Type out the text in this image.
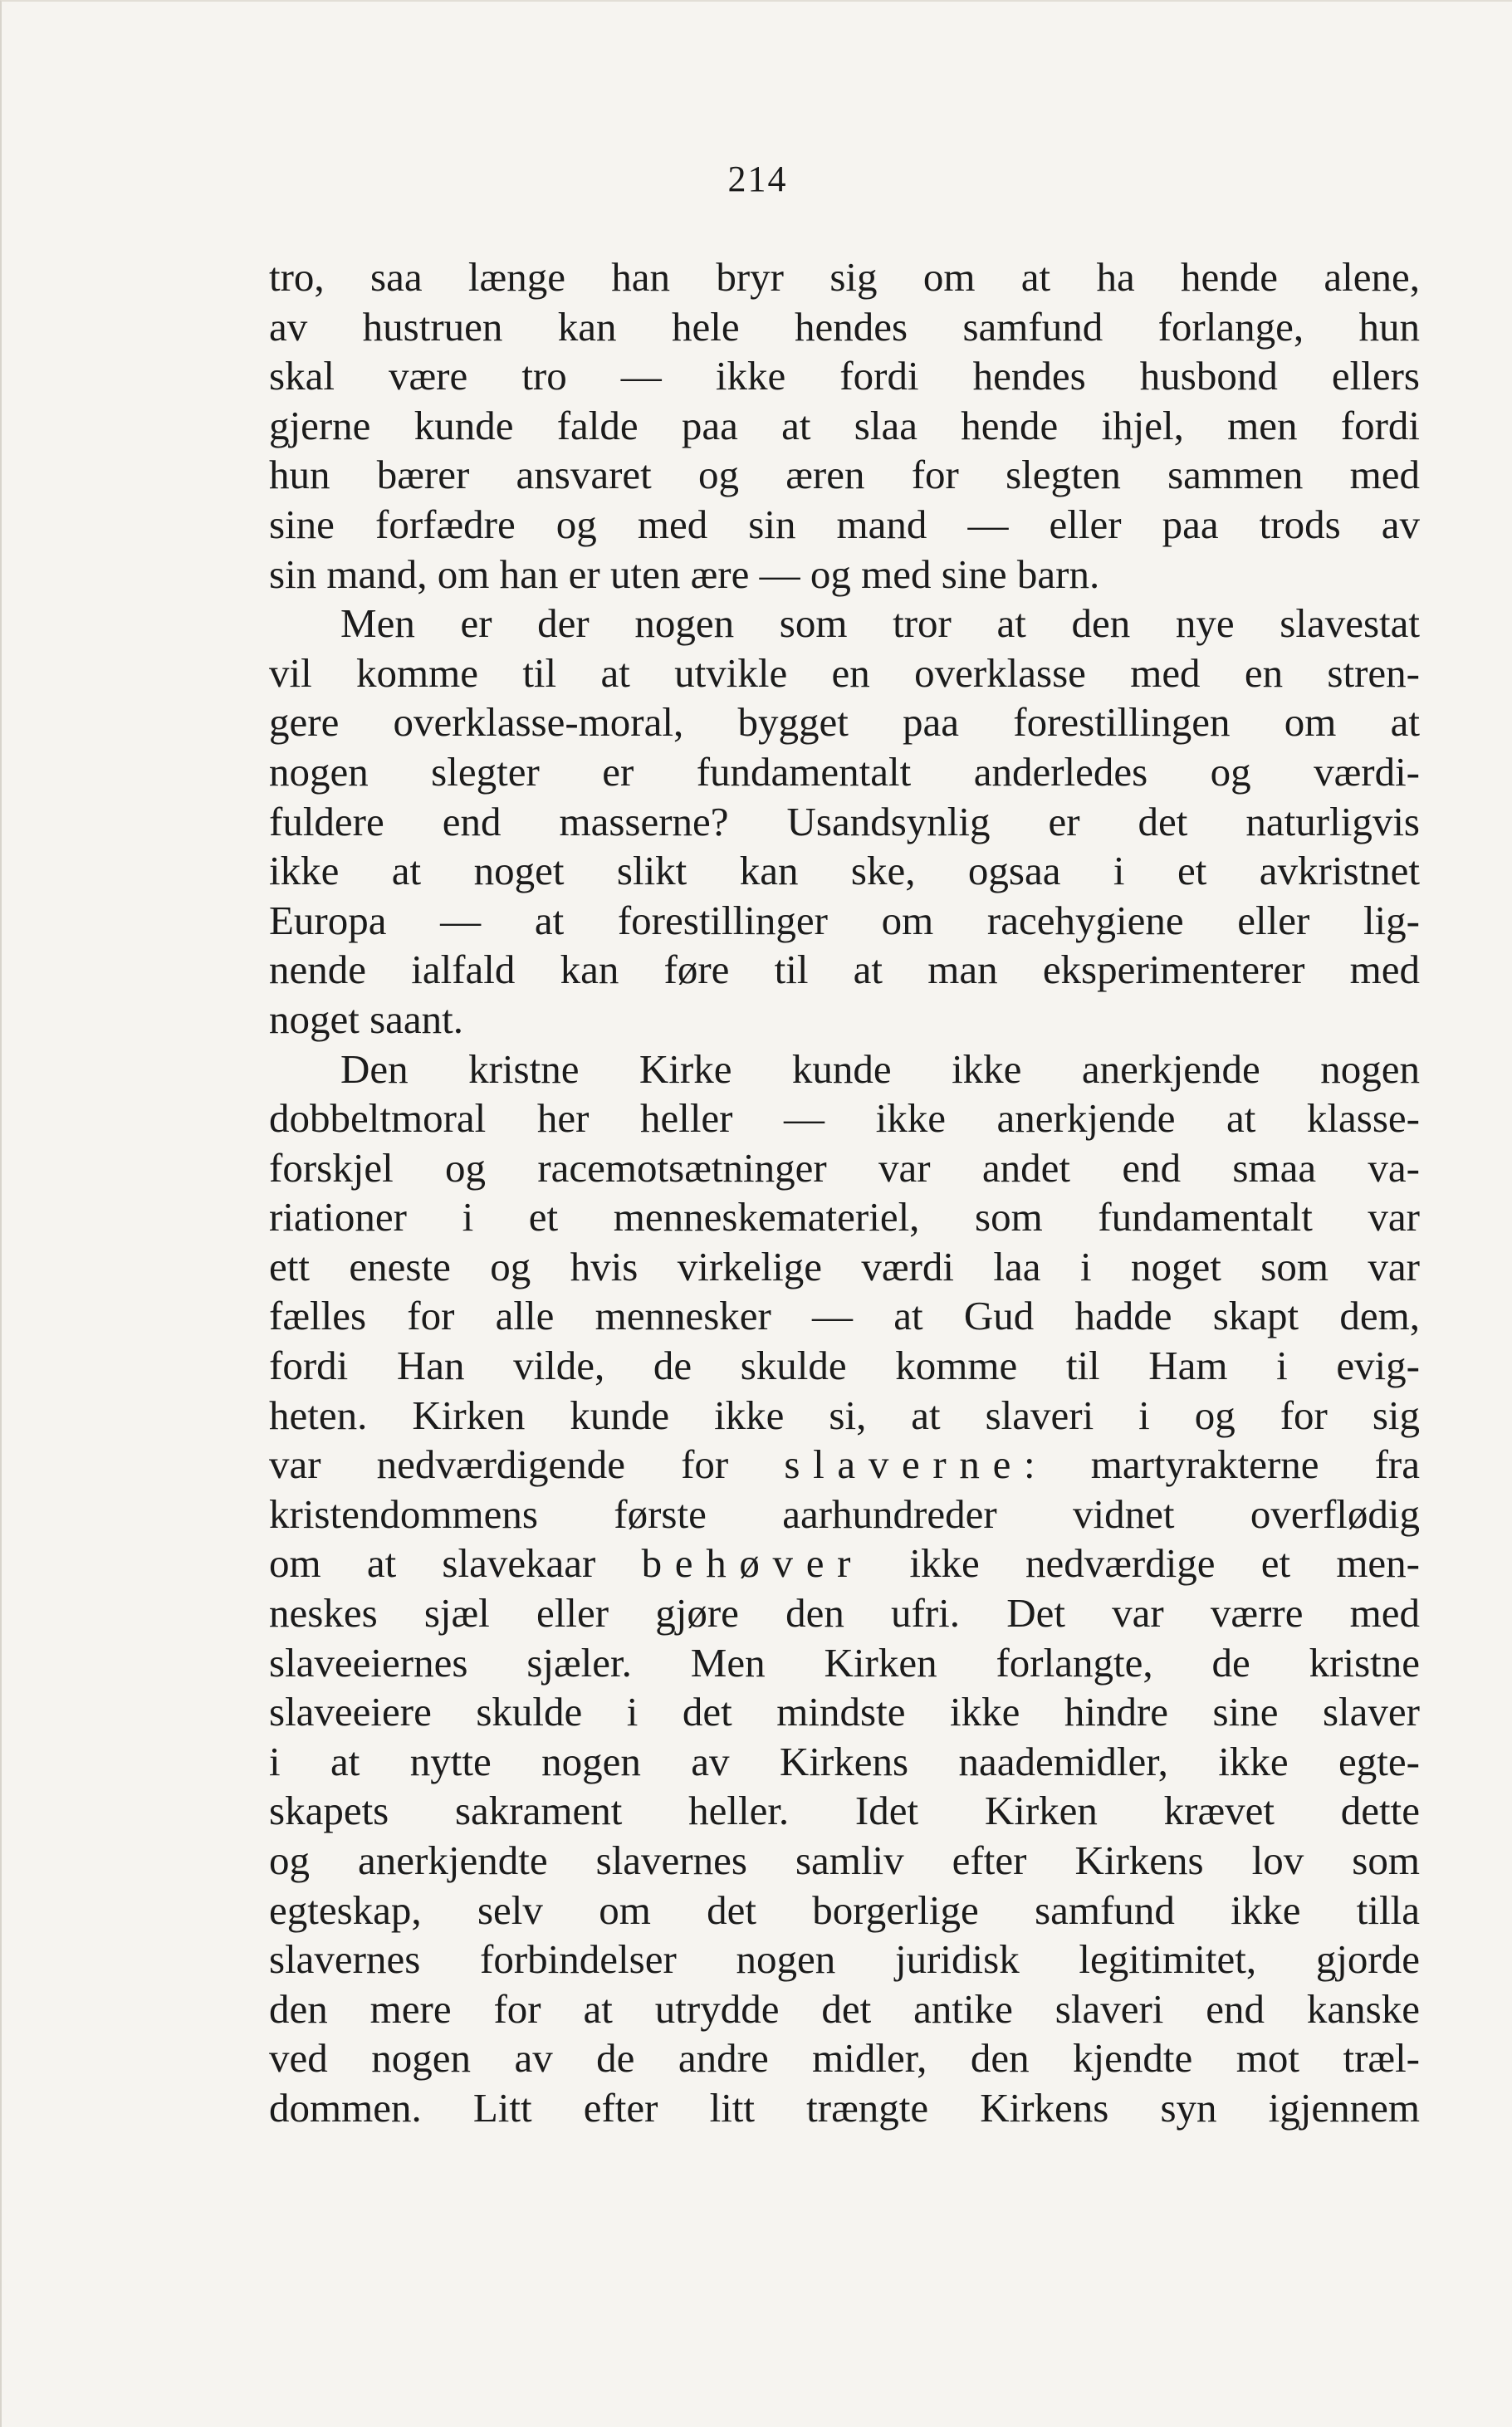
214
tro, saa længe han bryr sig om at ha hende alene,
av hustruen kan hele hendes samfund forlange, hun
skal være tro — ikke fordi hendes husbond ellers
gjerne kunde falde paa at slaa hende ihjel, men fordi
hun bærer ansvaret og æren for slegten sammen med
sine forfædre og med sin mand — eller paa trods av
sin mand, om han er uten ære — og med sine barn.
Men er der nogen som tror at den nye slavestat
vil komme til at utvikle en overklasse med en stren-
gere overklasse-moral, bygget paa forestillingen om at
nogen slegter er fundamentalt anderledes og værdi-
fuldere end masserne? Usandsynlig er det naturligvis
ikke at noget slikt kan ske, ogsaa i et avkristnet
Europa — at forestillinger om racehygiene eller lig-
nende ialfald kan føre til at man eksperimenterer med
noget saant.
Den kristne Kirke kunde ikke anerkjende nogen
dobbeltmoral her heller — ikke anerkjende at klasse-
forskjel og racemotsætninger var andet end smaa va-
riationer i et menneskemateriel, som fundamentalt var
ett eneste og hvis virkelige værdi laa i noget som var
fælles for alle mennesker — at Gud hadde skapt dem,
fordi Han vilde, de skulde komme til Ham i evig-
heten. Kirken kunde ikke si, at slaveri i og for sig
var nedværdigende for slaverne: martyrakterne fra
kristendommens første aarhundreder vidnet overflødig
om at slavekaar behøver ikke nedværdige et men-
neskes sjæl eller gjøre den ufri. Det var værre med
slaveeiernes sjæler. Men Kirken forlangte, de kristne
slaveeiere skulde i det mindste ikke hindre sine slaver
i at nytte nogen av Kirkens naademidler, ikke egte-
skapets sakrament heller. Idet Kirken krævet dette
og anerkjendte slavernes samliv efter Kirkens lov som
egteskap, selv om det borgerlige samfund ikke tilla
slavernes forbindelser nogen juridisk legitimitet, gjorde
den mere for at utrydde det antike slaveri end kanske
ved nogen av de andre midler, den kjendte mot træl-
dommen. Litt efter litt trængte Kirkens syn igjennem
